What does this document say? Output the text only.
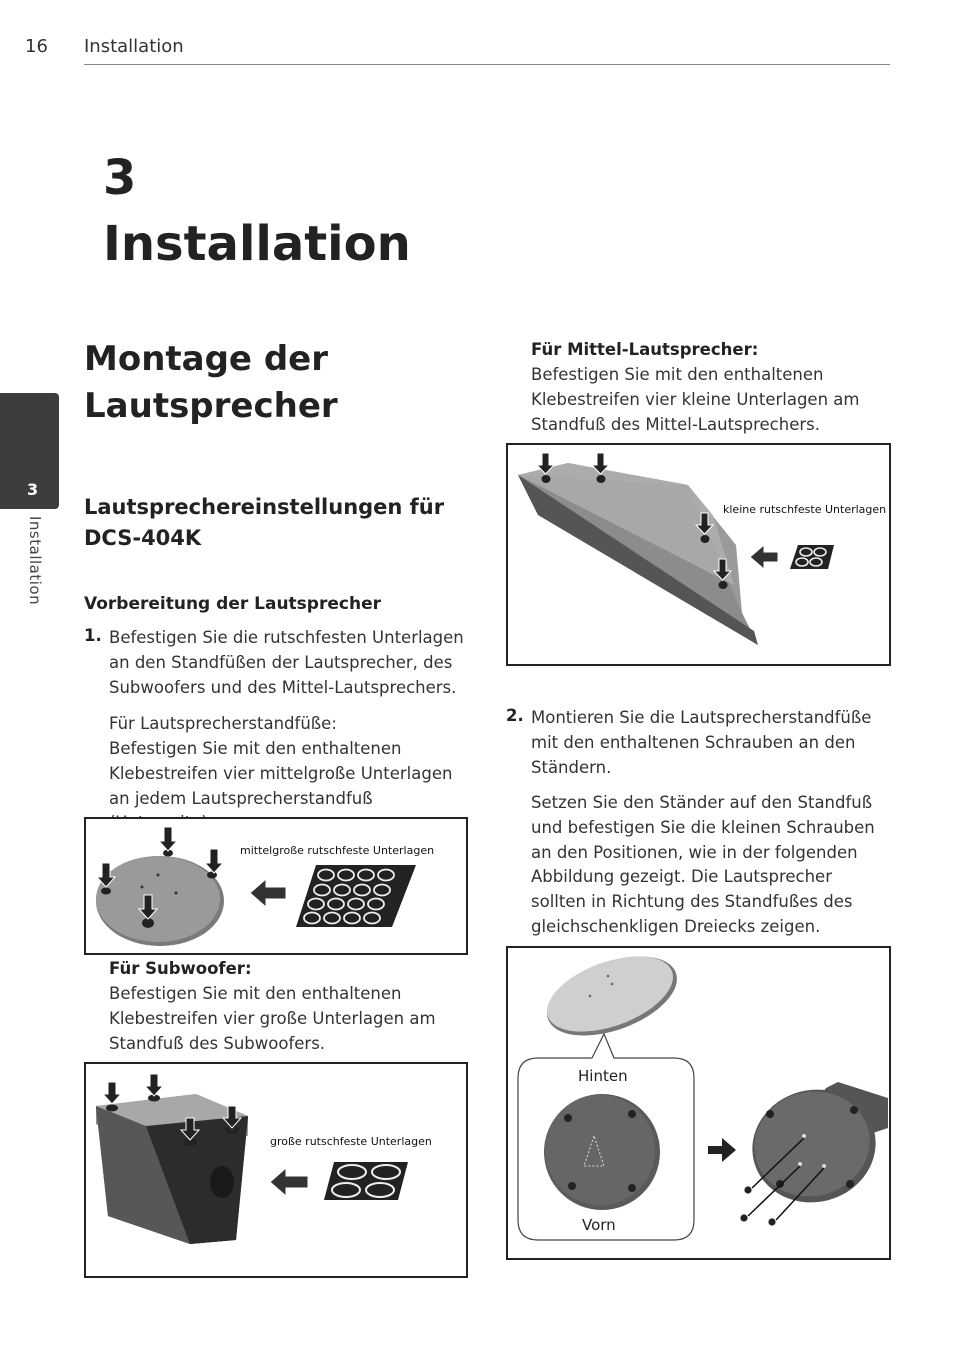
16 Installation
3
Installation
3
Installation
Montage der Lautsprecher
Lautsprechereinstellungen für DCS-404K
Vorbereitung der Lautsprecher
1. Befestigen Sie die rutschfesten Unterlagen an den Standfüßen der Lautsprecher, des Subwoofers und des Mittel-Lautsprechers.
Für Lautsprecherstandfüße:
Befestigen Sie mit den enthaltenen Klebestreifen vier mittelgroße Unterlagen an jedem Lautsprecherstandfuß
mittelgroße rutschfeste Unterlagen
Für Subwoofer:
Befestigen Sie mit den enthaltenen Klebestreifen vier große Unterlagen am Standfuß des Subwoofers.
große rutschfeste Unterlagen
Für Mittel-Lautsprecher:
Befestigen Sie mit den enthaltenen Klebestreifen vier kleine Unterlagen am Standfuß des Mittel-Lautsprechers.
kleine rutschfeste Unterlagen
2. Montieren Sie die Lautsprecherstandfüße mit den enthaltenen Schrauben an den Ständern.
Setzen Sie den Ständer auf den Standfuß und befestigen Sie die kleinen Schrauben an den Positionen, wie in der folgenden Abbildung gezeigt. Die Lautsprecher sollten in Richtung des Standfußes des gleichschenkligen Dreiecks zeigen.
Hinten
Vorn
